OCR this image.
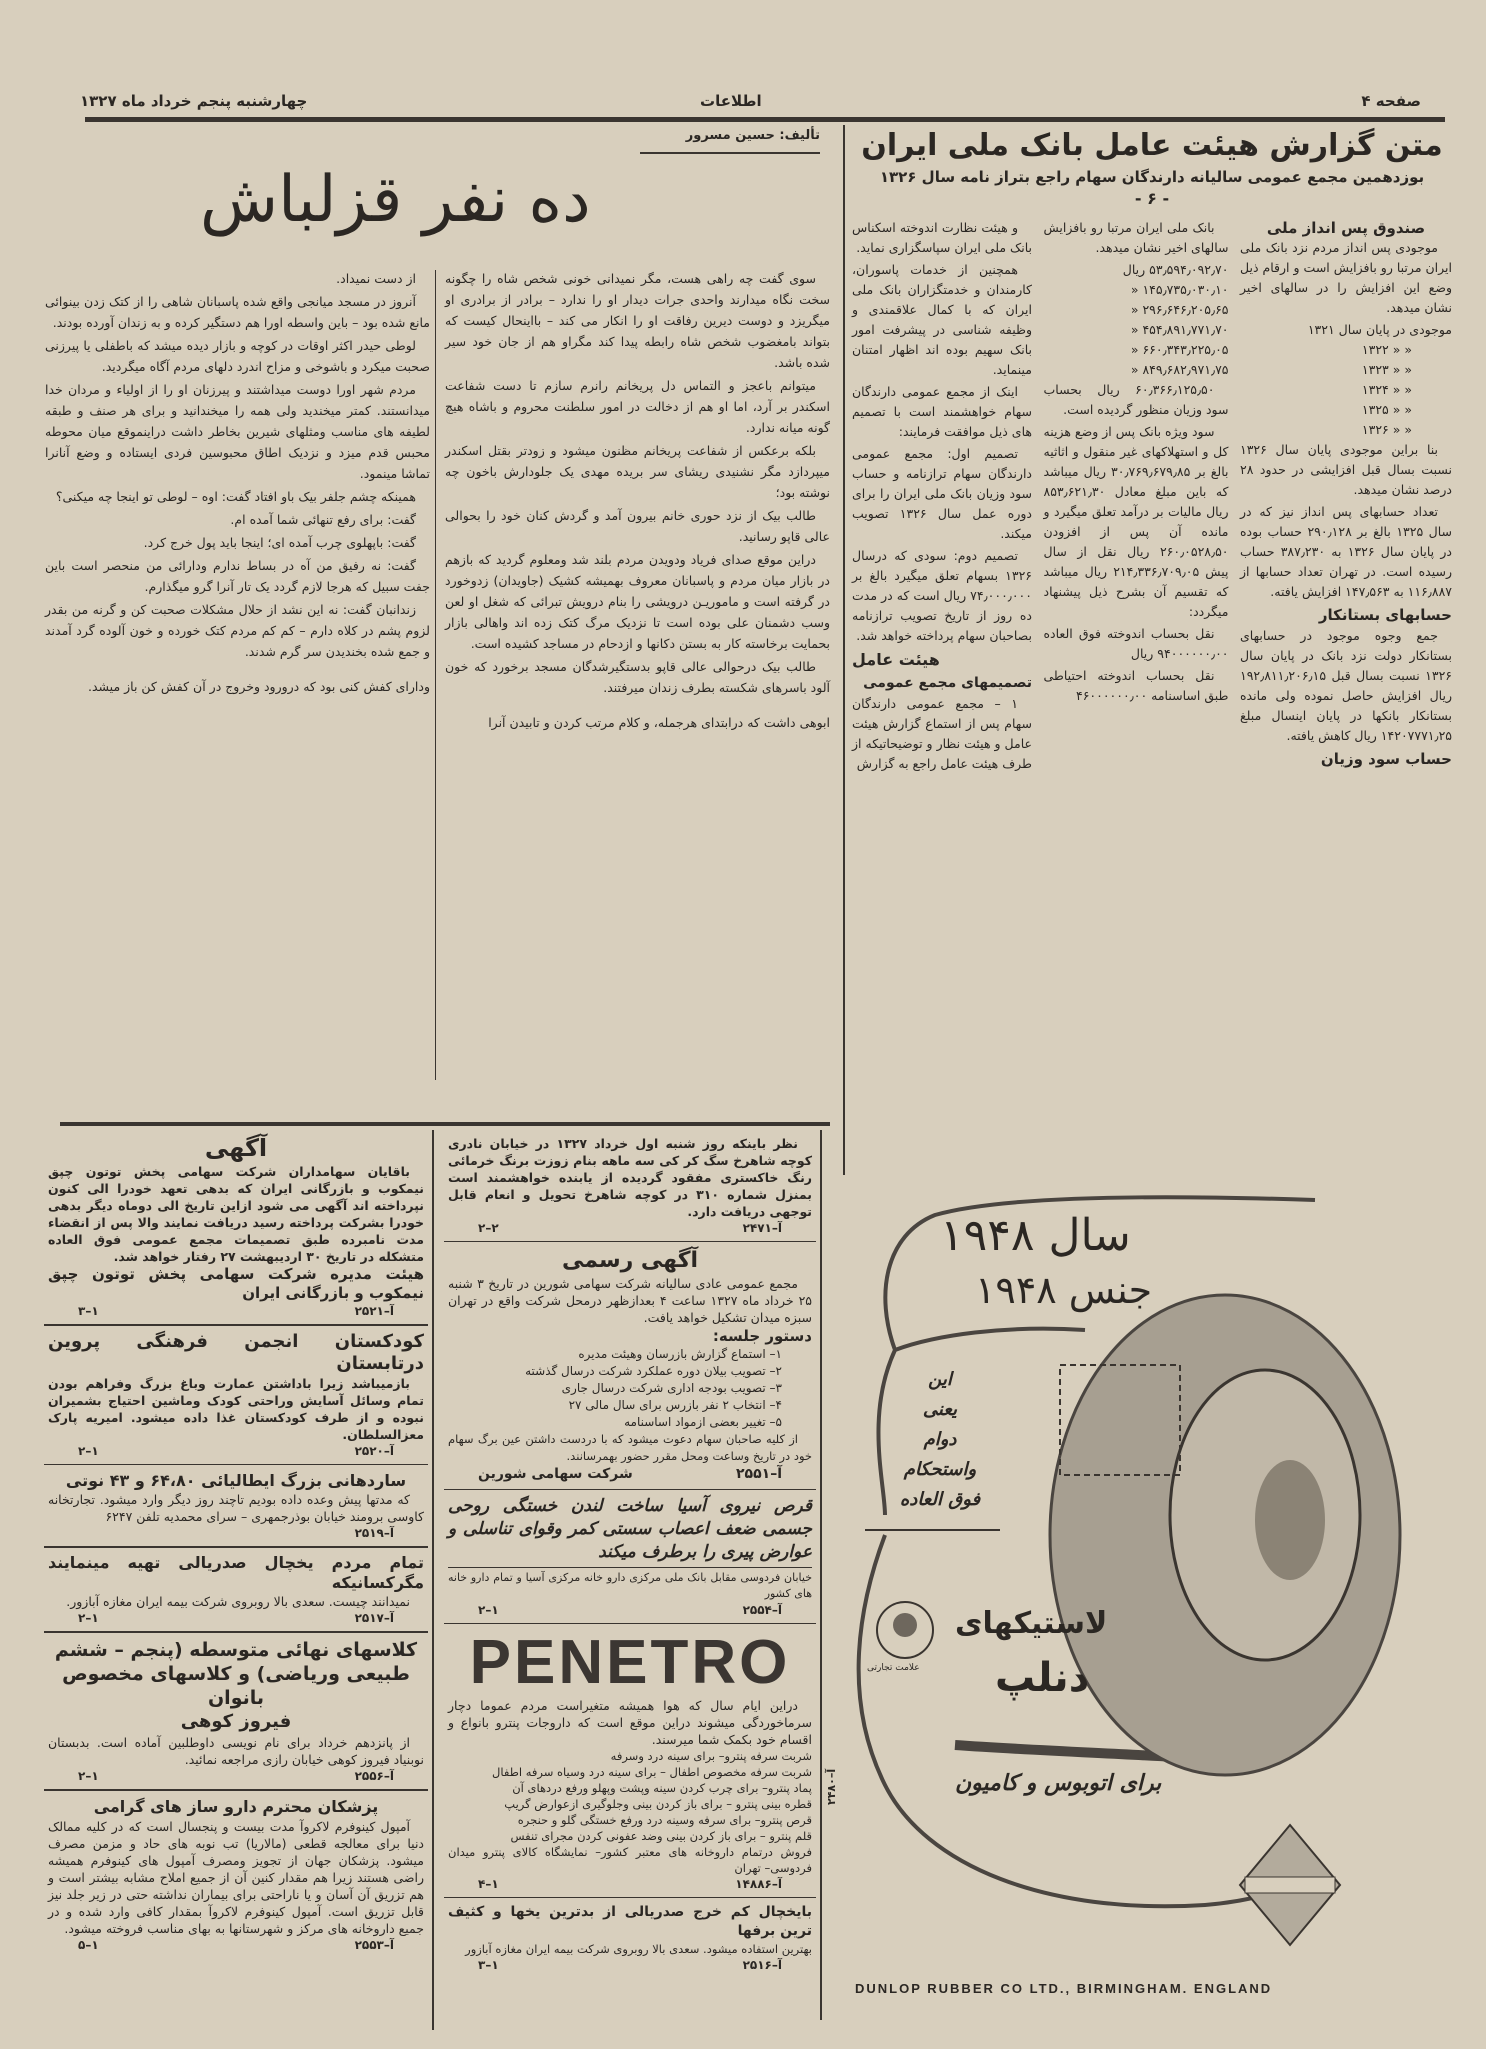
صفحه ۴
اطلاعات
چهارشنبه پنجم خرداد ماه ۱۳۲۷
متن گزارش هیئت عامل بانک ملی ایران
بوزدهمین مجمع عمومی سالیانه دارندگان سهام راجع بتراز نامه سال ۱۳۲۶
- ۶ -
صندوق پس انداز ملی

موجودی پس انداز مردم نزد بانک ملی ایران مرتبا رو بافزایش است و ارقام ذیل وضع این افزایش را در سالهای اخیر نشان میدهد.

موجودی در پایان سال ۱۳۲۱
« « ۱۳۲۲
« « ۱۳۲۳
« « ۱۳۲۴
« « ۱۳۲۵
« « ۱۳۲۶

بنا براین موجودی پایان سال ۱۳۲۶ نسبت بسال قبل افزایشی در حدود ۲۸ درصد نشان میدهد.

تعداد حسابهای پس انداز نیز که در سال ۱۳۲۵ بالغ بر ۲۹۰٫۱۲۸ حساب بوده در پایان سال ۱۳۲۶ به ۳۸۷٫۲۳۰ حساب رسیده است. در تهران تعداد حسابها از ۱۱۶٫۸۸۷ به ۱۴۷٫۵۶۳ افزایش یافته.

حسابهای بستانکار

جمع وجوه موجود در حسابهای بستانکار دولت نزد بانک در پایان سال ۱۳۲۶ نسبت بسال قبل ۱۹۲٫۸۱۱٫۲۰۶٫۱۵ ریال افزایش حاصل نموده ولی مانده بستانکار بانکها در پایان اینسال مبلغ ۱۴۲۰۷۷۷۱٫۲۵ ریال کاهش یافته.

حساب سود وزیان

بانک ملی ایران مرتبا رو بافزایش سالهای اخیر نشان میدهد.

۵۳٫۵۹۴٫۰۹۲٫۷۰ ریال
۱۴۵٫۷۳۵٫۰۳۰٫۱۰ «
۲۹۶٫۶۴۶٫۲۰۵٫۶۵ «
۴۵۴٫۸۹۱٫۷۷۱٫۷۰ «
۶۶۰٫۳۴۳٫۲۲۵٫۰۵ «
۸۴۹٫۶۸۲٫۹۷۱٫۷۵ «

۶۰٫۳۶۶٫۱۲۵٫۵۰ ریال بحساب سود وزیان منظور گردیده است.

سود ویژه بانک پس از وضع هزینه کل و استهلاکهای غیر منقول و اثاثیه بالغ بر ۳۰٫۷۶۹٫۶۷۹٫۸۵ ریال میباشد که باین مبلغ معادل ۸۵۳٫۶۲۱٫۳۰ ریال مالیات بر درآمد تعلق میگیرد و مانده آن پس از افزودن ۲۶۰٫۰۵۲۸٫۵۰ ریال نقل از سال پیش ۲۱۴٫۳۳۶٫۷۰۹٫۰۵ ریال میباشد که تقسیم آن بشرح ذیل پیشنهاد میگردد:

نقل بحساب اندوخته فوق العاده ۹۴۰۰۰۰۰۰٫۰۰ ریال

نقل بحساب اندوخته احتیاطی طبق اساسنامه ۴۶۰۰۰۰۰۰٫۰۰

و هیئت نظارت اندوخته اسکناس بانک ملی ایران سپاسگزاری نماید.

همچنین از خدمات پاسوران، کارمندان و خدمتگزاران بانک ملی ایران که با کمال علاقمندی و وظیفه شناسی در پیشرفت امور بانک سهیم بوده اند اظهار امتنان مینماید.

اینک از مجمع عمومی دارندگان سهام خواهشمند است با تصمیم های ذیل موافقت فرمایند:

تصمیم اول: مجمع عمومی دارندگان سهام ترازنامه و حساب سود وزیان بانک ملی ایران را برای دوره عمل سال ۱۳۲۶ تصویب میکند.

تصمیم دوم: سودی که درسال ۱۳۲۶ بسهام تعلق میگیرد بالغ بر ۷۴٫۰۰۰٫۰۰۰ ریال است که در مدت ده روز از تاریخ تصویب ترازنامه بصاحبان سهام پرداخته خواهد شد.

هیئت عامل
تصمیمهای مجمع عمومی

۱ – مجمع عمومی دارندگان سهام پس از استماع گزارش هیئت عامل و هیئت نظار و توضیحاتیکه از طرف هیئت عامل راجع به گزارش

تألیف: حسین مسرور
ده نفر قزلباش

سوی گفت چه راهی هست، مگر نمیدانی خونی شخص شاه را چگونه سخت نگاه میدارند واحدی جرات دیدار او را ندارد – برادر از برادری او میگریزد و دوست دیرین رفاقت او را انکار می کند – بااینحال کیست که بتواند بامغضوب شخص شاه رابطه پیدا کند مگراو هم از جان خود سیر شده باشد.

میتوانم باعجز و التماس دل پریخانم رانرم سازم تا دست شفاعت اسکندر بر آرد، اما او هم از دخالت در امور سلطنت محروم و باشاه هیچ گونه میانه ندارد.

بلکه برعکس از شفاعت پریخانم مظنون میشود و زودتر بقتل اسکندر میپردازد مگر نشنیدی ریشای سر بریده مهدی یک جلودارش باخون چه نوشته بود؛

طالب بیک از نزد حوری خانم بیرون آمد و گردش کنان خود را بحوالی عالی قاپو رسانید.

دراین موقع صدای فریاد ودویدن مردم بلند شد ومعلوم گردید که بازهم در بازار میان مردم و پاسبانان معروف بهمیشه کشیک (جاویدان) زدوخورد در گرفته است و ماموریـن درویشی را بنام درویش تبرائی که شغل او لعن وسب دشمنان علی بوده است تا نزدیک مرگ کتک زده اند واهالی بازار بحمایت برخاسته کار به بستن دکانها و ازدحام در مساجد کشیده است.

طالب بیک درحوالی عالی قاپو بدستگیرشدگان مسجد برخورد که خون آلود باسرهای شکسته بطرف زندان میرفتند.

ابوهی داشت که درابتدای هرجمله، و کلام مرتب کردن و تابیدن آنرا

از دست نمیداد.

آنروز در مسجد میانجی واقع شده پاسبانان شاهی را از کتک زدن بینوائی مانع شده بود – باین واسطه اورا هم دستگیر کرده و به زندان آورده بودند.

لوطی حیدر اکثر اوقات در کوچه و بازار دیده میشد که باطفلی یا پیرزنی صحبت میکرد و باشوخی و مزاح اندرد دلهای مردم آگاه میگردید.

مردم شهر اورا دوست میداشتند و پیرزنان او را از اولیاء و مردان خدا میدانستند. کمتر میخندید ولی همه را میخندانید و برای هر صنف و طبقه لطیفه های مناسب ومثلهای شیرین بخاطر داشت دراینموقع میان محوطه محبس قدم میزد و نزدیک اطاق محبوسین فردی ایستاده و وضع آنانرا تماشا مینمود.

همینکه چشم جلفر بیک باو افتاد گفت: اوه – لوطی تو اینجا چه میکنی؟

گفت: برای رفع تنهائی شما آمده ام.

گفت: باپهلوی چرب آمده ای؛ اینجا باید پول خرج کرد.

گفت: نه رفیق من آه در بساط ندارم ودارائی من منحصر است باین جفت سبیل که هرجا لازم گردد یک تار آنرا گرو میگذارم.

زندانبان گفت: نه این نشد از حلال مشکلات صحبت کن و گرنه من بقدر لزوم پشم در کلاه دارم – کم کم مردم کتک خورده و خون آلوده گرد آمدند و جمع شده بخندیدن سر گرم شدند.

ودارای کفش کنی بود که درورود وخروج در آن کفش کن باز میشد.
آگهی

باقایان سهامداران شرکت سهامی پخش توتون چپق نیمکوب و بازرگانی ایران که بدهی تعهد خودرا الی کنون نپرداخته اند آگهی می شود ازاین تاریخ الی دوماه دیگر بدهی خودرا بشرکت پرداخته رسید دریافت نمایند والا پس از انقضاء مدت نامبرده طبق تصمیمات مجمع عمومی فوق العاده متشکله در تاریخ ۳۰ اردیبهشت ۲۷ رفتار خواهد شد.

هیئت مدیره شرکت سهامی پخش توتون چپق نیمکوب و بازرگانی ایران
آ–۲۵۲۱
۱–۳
کودکستان انجمن فرهنگی پروین درتابستان

بازمیباشد زیرا باداشتن عمارت وباغ بزرگ وفراهم بودن تمام وسائل آسایش وراحتی کودک وماشین احتیاج بشمیران نبوده و از طرف کودکستان غذا داده میشود. امیریه پارک معزالسلطان.

آ–۲۵۲۰
۱–۲
ساردهانی بزرگ ایطالیائی ۶۴،۸۰ و ۴۳ نوتی

که مدتها پیش وعده داده بودیم تاچند روز دیگر وارد میشود. تجارتخانه کاوسی برومند خیابان بوذرجمهری – سرای محمدیه تلفن ۶۲۴۷

آ–۲۵۱۹
تمام مردم یخچال صدریالی تهیه مینمایند مگرکسانیکه

نمیدانند چیست. سعدی بالا روبروی شرکت بیمه ایران مغازه آبازور.

آ–۲۵۱۷
۱–۲
کلاسهای نهائی متوسطه (پنجم – ششم طبیعی وریاضی) و کلاسهای مخصوص بانوان
فیروز کوهی

از پانزدهم خرداد برای نام نویسی داوطلبین آماده است. بدبستان نوبنیاد فیروز کوهی خیابان رازی مراجعه نمائید.

آ–۲۵۵۶
۱–۲
پزشکان محترم دارو ساز های گرامی

آمپول کینوفرم لاکروآ مدت بیست و پنجسال است که در کلیه ممالک دنیا برای معالجه قطعی (مالاریا) تب نوبه های حاد و مزمن مصرف میشود. پزشکان جهان از تجویز ومصرف آمپول های کینوفرم همیشه راضی هستند زیرا هم مقدار کنین آن از جمیع املاح مشابه بیشتر است و هم تزریق آن آسان و یا ناراحتی برای بیماران نداشته حتی در زیر جلد نیز قابل تزریق است. آمپول کینوفرم لاکروآ بمقدار کافی وارد شده و در جمیع داروخانه های مرکز و شهرستانها به بهای مناسب فروخته میشود.

آ–۲۵۵۳
۱–۵

نظر باینکه روز شنبه اول خرداد ۱۳۲۷ در خیابان نادری کوچه شاهرخ سگ کر کی سه ماهه بنام زوزت برنگ خرمائی رنگ خاکستری مفقود گردیده از یابنده خواهشمند است بمنزل شماره ۳۱۰ در کوچه شاهرخ تحویل و انعام قابل توجهی دریافت دارد.

آ–۲۴۷۱
۲–۲
آگهی رسمی

مجمع عمومی عادی سالیانه شرکت سهامی شورین در تاریخ ۳ شنبه ۲۵ خرداد ماه ۱۳۲۷ ساعت ۴ بعدازظهر درمحل شرکت واقع در تهران سبزه میدان تشکیل خواهد یافت.

دستور جلسه:
۱– استماع گزارش بازرسان وهیئت مدیره
۲– تصویب بیلان دوره عملکرد شرکت درسال گذشته
۳– تصویب بودجه اداری شرکت درسال جاری
۴– انتخاب ۲ نفر بازرس برای سال مالی ۲۷
۵– تغییر بعضی ازمواد اساسنامه

از کلیه صاحبان سهام دعوت میشود که با دردست داشتن عین برگ سهام خود در تاریخ وساعت ومحل مقرر حضور بهمرسانند.

آ–۲۵۵۱
شرکت سهامی شورین
قرص نیروی آسیا ساخت لندن خستگی روحی جسمی ضعف اعصاب سستی کمر وقوای تناسلی و عوارض پیری را برطرف میکند
خیابان فردوسی مقابل بانک ملی مرکزی دارو خانه مرکزی آسیا و تمام دارو خانه های کشور
آ–۲۵۵۴
۱–۲
PENETRO

دراین ایام سال که هوا همیشه متغیراست مردم عموما دچار سرماخوردگی میشوند دراین موقع است که داروجات پنترو بانواع و اقسام خود بکمک شما میرسند.

شربت سرفه پنترو– برای سینه درد وسرفه
شربت سرفه مخصوص اطفال – برای سینه درد وسیاه سرفه اطفال
پماد پنترو– برای چرب کردن سینه وپشت وپهلو ورفع دردهای آن
قطره بینی پنترو – برای باز کردن بینی وجلوگیری ازعوارض گریپ
قرص پنترو– برای سرفه وسینه درد ورفع خستگی گلو و حنجره
قلم پنترو – برای باز کردن بینی وضد عفونی کردن مجرای تنفس
فروش درتمام داروخانه های معتبر کشور– نمایشگاه کالای پنترو میدان فردوسی– تهران
آ–۱۴۸۸۶
۱–۴
بایخچال کم خرج صدریالی از بدترین یخها و کثیف ترین برفها
بهترین استفاده میشود. سعدی بالا روبروی شرکت بیمه ایران مغازه آبازور
آ–۲۵۱۶
۱–۳
سال ۱۹۴۸
جنس ۱۹۴۸
این
یعنی
دوام
واستحکام
فوق العاده
علامت تجارتی
لاستیکهای
دنلپ
برای اتوبوس و کامیون
DUNLOP RUBBER CO LTD., BIRMINGHAM. ENGLAND
آ–۲۴۸۰
